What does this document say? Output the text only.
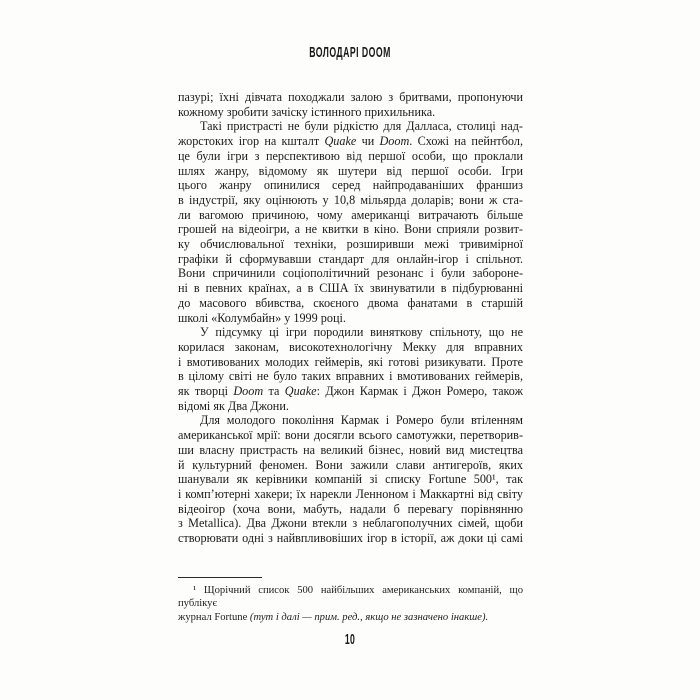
ВОЛОДАРІ DOOM
пазурі; їхні дівчата походжали залою з бритвами, пропонуючи
кожному зробити зачіску істинного прихильника.
Такі пристрасті не були рідкістю для Далласа, столиці над-
жорстоких ігор на кшталт Quake чи Doom. Схожі на пейнтбол,
це були ігри з перспективою від першої особи, що проклали
шлях жанру, відомому як шутери від першої особи. Ігри
цього жанру опинилися серед найпродаваніших франшиз
в індустрії, яку оцінюють у 10,8 мільярда доларів; вони ж ста-
ли вагомою причиною, чому американці витрачають більше
грошей на відеоігри, а не квитки в кіно. Вони сприяли розвит-
ку обчислювальної техніки, розширивши межі тривимірної
графіки й сформувавши стандарт для онлайн-ігор і спільнот.
Вони спричинили соціополітичний резонанс і були забороне-
ні в певних країнах, а в США їх звинуватили в підбурюванні
до масового вбивства, скоєного двома фанатами в старшій
школі «Колумбайн» у 1999 році.
У підсумку ці ігри породили виняткову спільноту, що не
корилася законам, високотехнологічну Мекку для вправних
і вмотивованих молодих геймерів, які готові ризикувати. Проте
в цілому світі не було таких вправних і вмотивованих геймерів,
як творці Doom та Quake: Джон Кармак і Джон Ромеро, також
відомі як Два Джони.
Для молодого покоління Кармак і Ромеро були втіленням
американської мрії: вони досягли всього самотужки, перетворив-
ши власну пристрасть на великий бізнес, новий вид мистецтва
й культурний феномен. Вони зажили слави антигероїв, яких
шанували як керівники компаній зі списку Fortune 500¹, так
і комп’ютерні хакери; їх нарекли Ленноном і Маккартні від світу
відеоігор (хоча вони, мабуть, надали б перевагу порівнянню
з Metallica). Два Джони втекли з неблагополучних сімей, щоби
створювати одні з найвпливовіших ігор в історії, аж доки ці самі
¹ Щорічний список 500 найбільших американських компаній, що публікує
журнал Fortune (тут і далі — прим. ред., якщо не зазначено інакше).
10
